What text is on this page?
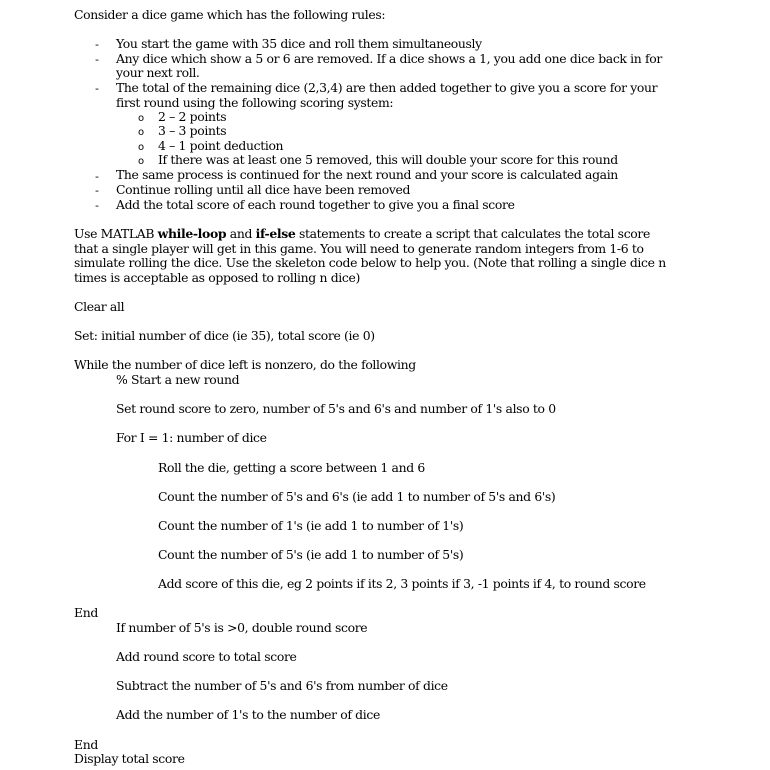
Consider a dice game which has the following rules:
- You start the game with 35 dice and roll them simultaneously
- Any dice which show a 5 or 6 are removed. If a dice shows a 1, you add one dice back in for
your next roll.
- The total of the remaining dice (2,3,4) are then added together to give you a score for your
first round using the following scoring system:
o 2 – 2 points
o 3 – 3 points
o 4 – 1 point deduction
o If there was at least one 5 removed, this will double your score for this round
- The same process is continued for the next round and your score is calculated again
- Continue rolling until all dice have been removed
- Add the total score of each round together to give you a final score
Use MATLAB while-loop and if-else statements to create a script that calculates the total score
that a single player will get in this game. You will need to generate random integers from 1-6 to
simulate rolling the dice. Use the skeleton code below to help you. (Note that rolling a single dice n
times is acceptable as opposed to rolling n dice)
Clear all
Set: initial number of dice (ie 35), total score (ie 0)
While the number of dice left is nonzero, do the following
% Start a new round
Set round score to zero, number of 5's and 6's and number of 1's also to 0
For I = 1: number of dice
Roll the die, getting a score between 1 and 6
Count the number of 5's and 6's (ie add 1 to number of 5's and 6's)
Count the number of 1's (ie add 1 to number of 1's)
Count the number of 5's (ie add 1 to number of 5's)
Add score of this die, eg 2 points if its 2, 3 points if 3, -1 points if 4, to round score
End
If number of 5's is >0, double round score
Add round score to total score
Subtract the number of 5's and 6's from number of dice
Add the number of 1's to the number of dice
End
Display total score
